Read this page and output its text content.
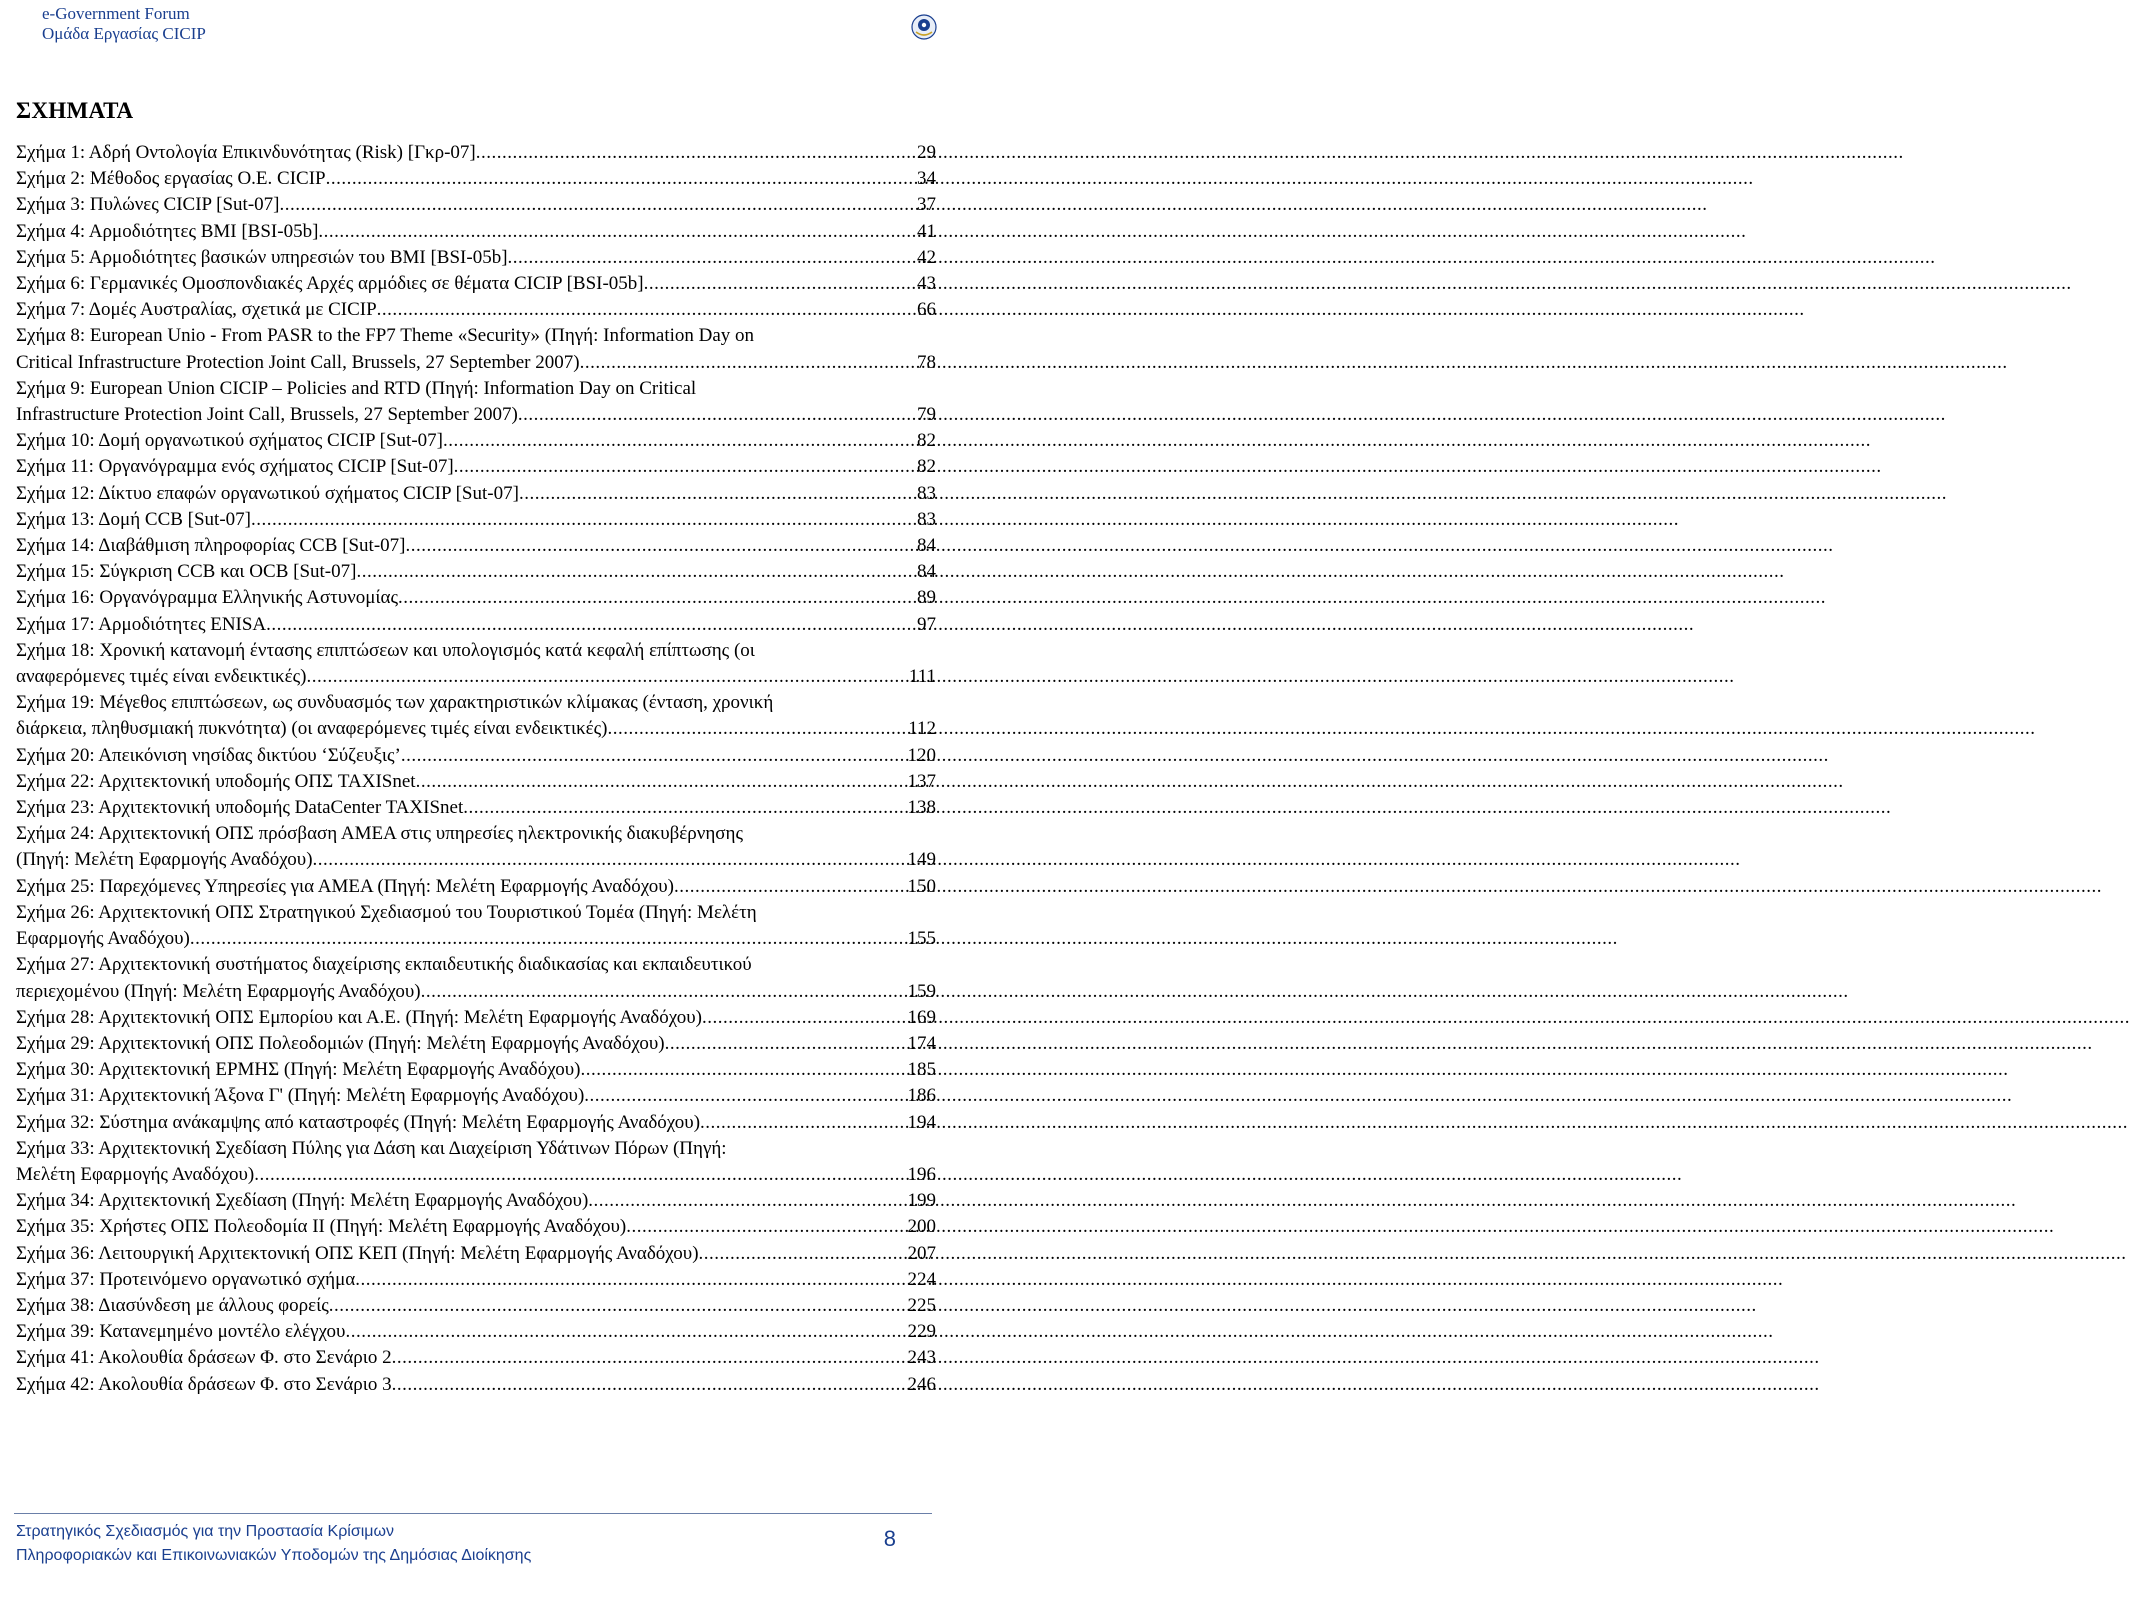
e-Government Forum
Ομάδα Εργασίας CICIP
ΣΧΗΜΑΤΑ
Σχήμα 1: Αδρή Οντολογία Επικινδυνότητας (Risk) [Γκρ-07] .....	29
Σχήμα 2: Μέθοδος εργασίας Ο.Ε. CICIP .....	34
Σχήμα 3: Πυλώνες CICIP [Sut-07] .....	37
Σχήμα 4: Αρμοδιότητες BMI [BSI-05b] .....	41
Σχήμα 5: Αρμοδιότητες βασικών υπηρεσιών του BMI [BSI-05b] .....	42
Σχήμα 6: Γερμανικές Ομοσπονδιακές Αρχές αρμόδιες σε θέματα CICIP [BSI-05b] .....	43
Σχήμα 7: Δομές Αυστραλίας, σχετικά με CICIP .....	66
Σχήμα 8: European Unio - From PASR to the FP7 Theme «Security» (Πηγή: Information Day on
Critical Infrastructure Protection Joint Call, Brussels, 27 September 2007) .....	78
Σχήμα 9: European Union CICIP – Policies and RTD (Πηγή: Information Day on Critical
Infrastructure Protection Joint Call, Brussels, 27 September 2007) .....	79
Σχήμα 10: Δομή οργανωτικού σχήματος CICIP [Sut-07] .....	82
Σχήμα 11: Οργανόγραμμα ενός σχήματος CICIP [Sut-07] .....	82
Σχήμα 12: Δίκτυο επαφών οργανωτικού σχήματος CICIP [Sut-07] .....	83
Σχήμα 13: Δομή CCB [Sut-07] .....	83
Σχήμα 14: Διαβάθμιση πληροφορίας CCB [Sut-07] .....	84
Σχήμα 15: Σύγκριση CCB και OCB [Sut-07] .....	84
Σχήμα 16: Οργανόγραμμα Ελληνικής Αστυνομίας .....	89
Σχήμα 17: Αρμοδιότητες ENISA .....	97
Σχήμα 18: Χρονική κατανομή έντασης επιπτώσεων και υπολογισμός κατά κεφαλή επίπτωσης (οι
αναφερόμενες τιμές είναι ενδεικτικές) .....	111
Σχήμα 19: Μέγεθος επιπτώσεων, ως συνδυασμός των χαρακτηριστικών κλίμακας (ένταση, χρονική
διάρκεια, πληθυσμιακή πυκνότητα) (οι αναφερόμενες τιμές είναι ενδεικτικές) .....	112
Σχήμα 20: Απεικόνιση νησίδας δικτύου ‘Σύζευξις’ .....	120
Σχήμα 22: Αρχιτεκτονική υποδομής ΟΠΣ TAXISnet .....	137
Σχήμα 23: Αρχιτεκτονική υποδομής DataCenter TAXISnet .....	138
Σχήμα 24: Αρχιτεκτονική ΟΠΣ πρόσβαση ΑΜΕΑ στις υπηρεσίες ηλεκτρονικής διακυβέρνησης
(Πηγή: Μελέτη Εφαρμογής Αναδόχου) .....	149
Σχήμα 25: Παρεχόμενες Υπηρεσίες για ΑΜΕΑ (Πηγή: Μελέτη Εφαρμογής Αναδόχου) .....	150
Σχήμα 26: Αρχιτεκτονική ΟΠΣ Στρατηγικού Σχεδιασμού του Τουριστικού Τομέα (Πηγή: Μελέτη
Εφαρμογής Αναδόχου) .....	155
Σχήμα 27: Αρχιτεκτονική συστήματος διαχείρισης εκπαιδευτικής διαδικασίας και εκπαιδευτικού
περιεχομένου (Πηγή: Μελέτη Εφαρμογής Αναδόχου) .....	159
Σχήμα 28: Αρχιτεκτονική ΟΠΣ Εμπορίου και Α.Ε. (Πηγή: Μελέτη Εφαρμογής Αναδόχου) .....	169
Σχήμα 29: Αρχιτεκτονική ΟΠΣ Πολεοδομιών (Πηγή: Μελέτη Εφαρμογής Αναδόχου) .....	174
Σχήμα 30: Αρχιτεκτονική ΕΡΜΗΣ (Πηγή: Μελέτη Εφαρμογής Αναδόχου) .....	185
Σχήμα 31: Αρχιτεκτονική Άξονα Γ' (Πηγή: Μελέτη Εφαρμογής Αναδόχου) .....	186
Σχήμα 32: Σύστημα ανάκαμψης από καταστροφές (Πηγή: Μελέτη Εφαρμογής Αναδόχου) .....	194
Σχήμα 33: Αρχιτεκτονική Σχεδίαση Πύλης για Δάση και Διαχείριση Υδάτινων Πόρων (Πηγή:
Μελέτη Εφαρμογής Αναδόχου) .....	196
Σχήμα 34: Αρχιτεκτονική Σχεδίαση (Πηγή: Μελέτη Εφαρμογής Αναδόχου) .....	199
Σχήμα 35: Χρήστες ΟΠΣ Πολεοδομία ΙΙ (Πηγή: Μελέτη Εφαρμογής Αναδόχου) .....	200
Σχήμα 36: Λειτουργική Αρχιτεκτονική ΟΠΣ ΚΕΠ (Πηγή: Μελέτη Εφαρμογής Αναδόχου) .....	207
Σχήμα 37: Προτεινόμενο οργανωτικό σχήμα .....	224
Σχήμα 38: Διασύνδεση με άλλους φορείς .....	225
Σχήμα 39: Κατανεμημένο μοντέλο ελέγχου .....	229
Σχήμα 41: Ακολουθία δράσεων Φ. στο Σενάριο 2 .....	243
Σχήμα 42: Ακολουθία δράσεων Φ. στο Σενάριο 3 .....	246
Στρατηγικός Σχεδιασμός για την Προστασία Κρίσιμων
Πληροφοριακών και Επικοινωνιακών Υποδομών της Δημόσιας Διοίκησης
8
